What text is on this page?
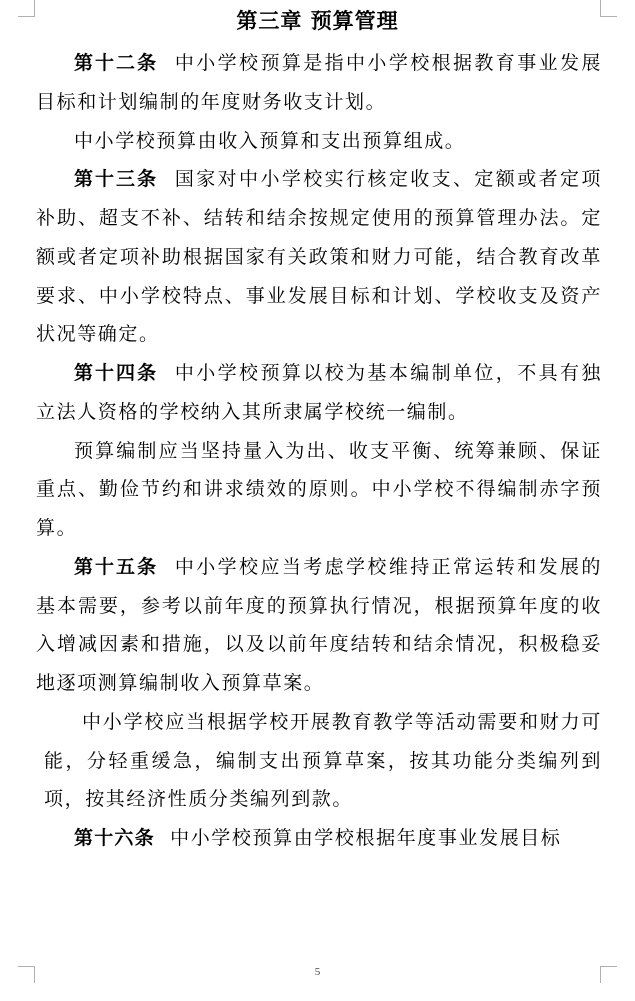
第三章 预算管理

第十二条 中小学校预算是指中小学校根据教育事业发展目标和计划编制的年度财务收支计划。

中小学校预算由收入预算和支出预算组成。

第十三条 国家对中小学校实行核定收支、定额或者定项补助、超支不补、结转和结余按规定使用的预算管理办法。定额或者定项补助根据国家有关政策和财力可能，结合教育改革要求、中小学校特点、事业发展目标和计划、学校收支及资产状况等确定。

第十四条 中小学校预算以校为基本编制单位，不具有独立法人资格的学校纳入其所隶属学校统一编制。

预算编制应当坚持量入为出、收支平衡、统筹兼顾、保证重点、勤俭节约和讲求绩效的原则。中小学校不得编制赤字预算。

第十五条 中小学校应当考虑学校维持正常运转和发展的基本需要，参考以前年度的预算执行情况，根据预算年度的收入增减因素和措施，以及以前年度结转和结余情况，积极稳妥地逐项测算编制收入预算草案。

中小学校应当根据学校开展教育教学等活动需要和财力可能，分轻重缓急，编制支出预算草案，按其功能分类编列到项，按其经济性质分类编列到款。

第十六条 中小学校预算由学校根据年度事业发展目标

5
